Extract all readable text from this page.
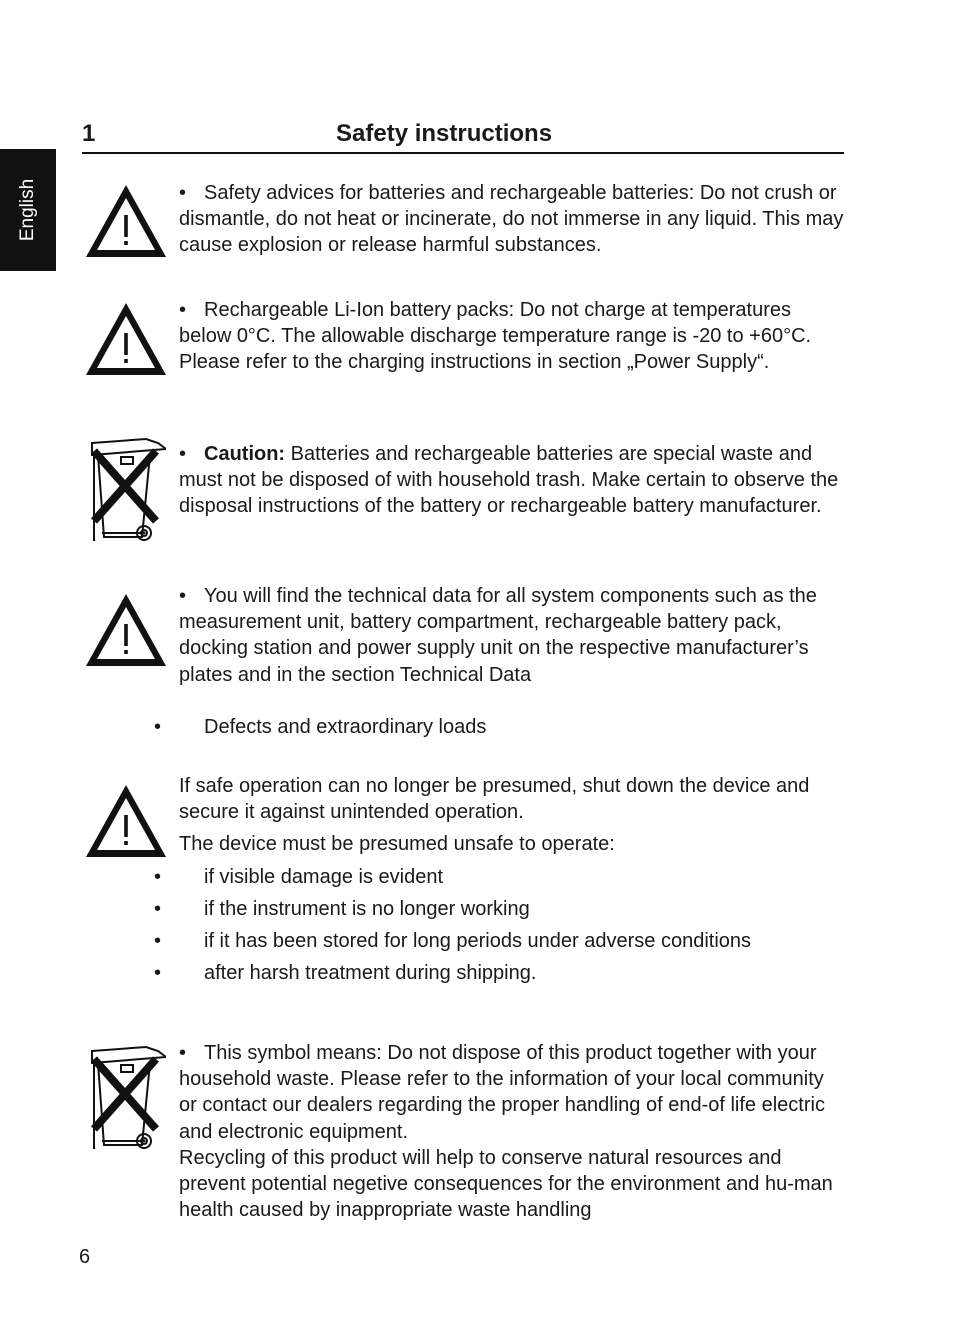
English
1	Safety instructions

• Safety advices for batteries and rechargeable batteries: Do not crush or dismantle, do not heat or incinerate, do not immerse in any liquid. This may cause explosion or release harmful substances.

• Rechargeable Li-Ion battery packs: Do not charge at temperatures below 0°C. The allowable discharge temperature range is -20 to +60°C. Please refer to the charging instructions in section „Power Supply“.

• Caution: Batteries and rechargeable batteries are special waste and must not be disposed of with household trash. Make certain to observe the disposal instructions of the battery or rechargeable battery manufacturer.

• You will find the technical data for all system components such as the measurement unit, battery compartment, rechargeable battery pack, docking station and power supply unit on the respective manufacturer’s plates and in the section Technical Data

• Defects and extraordinary loads

If safe operation can no longer be presumed, shut down the device and secure it against unintended operation.

The device must be presumed unsafe to operate:

• if visible damage is evident

• if the instrument is no longer working

• if it has been stored for long periods under adverse conditions

• after harsh treatment during shipping.

• This symbol means: Do not dispose of this product together with your household waste. Please refer to the information of your local community or contact our dealers regarding the proper handling of end-of life electric and electronic equipment.

Recycling of this product will help to conserve natural resources and prevent potential negetive consequences for the environment and hu-man health caused by inappropriate waste handling

6
